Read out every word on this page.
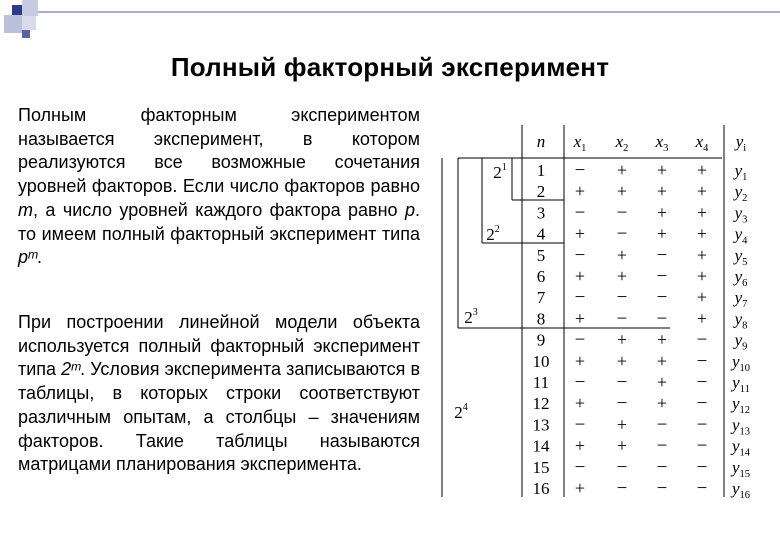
Полный факторный эксперимент

Полным факторным экспериментом называется эксперимент, в котором реализуются все возможные сочетания уровней факторов. Если число факторов равно m, а число уровней каждого фактора равно p. то имеем полный факторный эксперимент типа pᵐ.

При построении линейной модели объекта используется полный факторный эксперимент типа 2ᵐ. Условия эксперимента записываются в таблицы, в которых строки соответствуют различным опытам, а столбцы – значениям факторов. Такие таблицы называются матрицами планирования эксперимента.

n $x_1$ $x_2$ $x_3$ $x_4$ $y_i$
$2^1$
$2^2$
$2^3$
$2^4$
1 − + + + $y_1$
2 + + + + $y_2$
3 − − + + $y_3$
4 + − + + $y_4$
5 − + − + $y_5$
6 + + − + $y_6$
7 − − − + $y_7$
8 + − − + $y_8$
9 − + + − $y_9$
10 + + + − $y_{10}$
11 − − + − $y_{11}$
12 + − + − $y_{12}$
13 − + − − $y_{13}$
14 + + − − $y_{14}$
15 − − − − $y_{15}$
16 + − − − $y_{16}$
